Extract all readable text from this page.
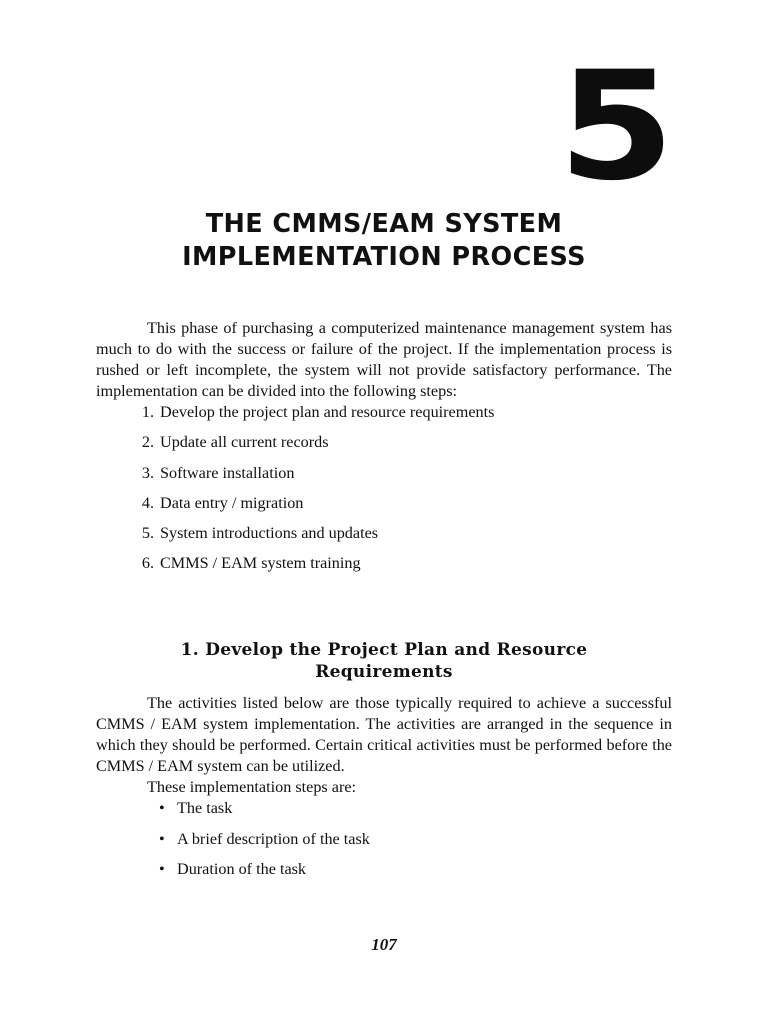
5
THE CMMS/EAM SYSTEM
IMPLEMENTATION PROCESS

This phase of purchasing a computerized maintenance management system has much to do with the success or failure of the project. If the implementation process is rushed or left incomplete, the system will not provide satisfactory performance. The implementation can be divided into the following steps:

1. Develop the project plan and resource requirements
2. Update all current records
3. Software installation
4. Data entry / migration
5. System introductions and updates
6. CMMS / EAM system training
1. Develop the Project Plan and Resource
Requirements

The activities listed below are those typically required to achieve a successful CMMS / EAM system implementation. The activities are arranged in the sequence in which they should be performed. Certain critical activities must be performed before the CMMS / EAM system can be utilized.

These implementation steps are:

• The task
• A brief description of the task
• Duration of the task
107
